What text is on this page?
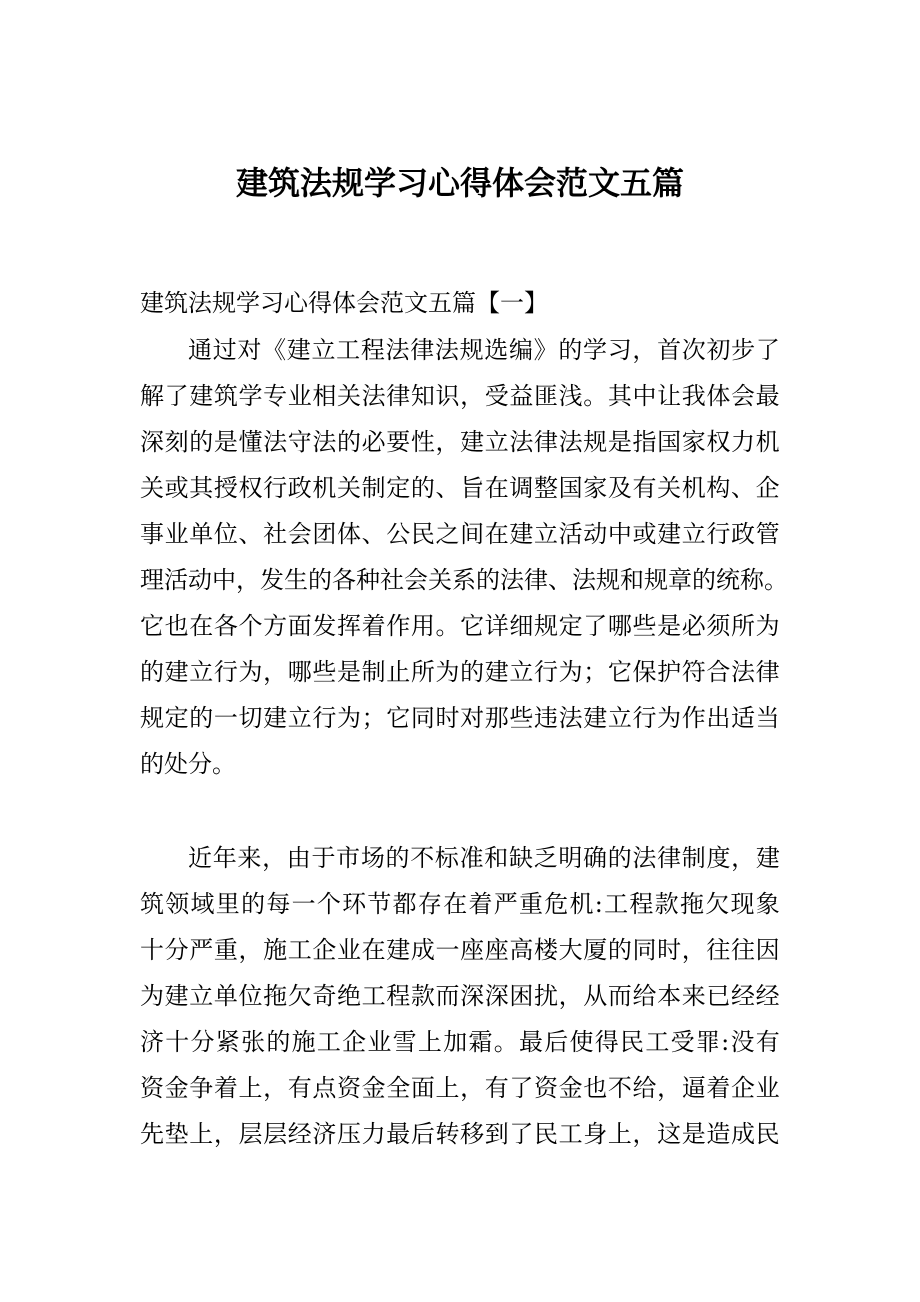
建筑法规学习心得体会范文五篇
建筑法规学习心得体会范文五篇【一】
通 过 对 《 建 立 工 程 法 律 法 规 选 编 》 的 学 习 ， 首 次 初 步 了
解 了 建 筑 学 专 业 相 关 法 律 知 识 ， 受 益 匪 浅 。 其 中 让 我 体 会 最
深 刻 的 是 懂 法 守 法 的 必 要 性 ， 建 立 法 律 法 规 是 指 国 家 权 力 机
关 或 其 授 权 行 政 机 关 制 定 的 、 旨 在 调 整 国 家 及 有 关 机 构 、 企
事 业 单 位 、 社 会 团 体 、 公 民 之 间 在 建 立 活 动 中 或 建 立 行 政 管
理 活 动 中 ， 发 生 的 各 种 社 会 关 系 的 法 律 、 法 规 和 规 章 的 统 称 。
它 也 在 各 个 方 面 发 挥 着 作 用 。 它 详 细 规 定 了 哪 些 是 必 须 所 为
的 建 立 行 为 ， 哪 些 是 制 止 所 为 的 建 立 行 为 ； 它 保 护 符 合 法 律
规 定 的 一 切 建 立 行 为 ； 它 同 时 对 那 些 违 法 建 立 行 为 作 出 适 当
的处分。
近 年 来 ， 由 于 市 场 的 不 标 准 和 缺 乏 明 确 的 法 律 制 度 ， 建
筑 领 域 里 的 每 一 个 环 节 都 存 在 着 严 重 危 机 : 工 程 款 拖 欠 现 象
十 分 严 重 ， 施 工 企 业 在 建 成 一 座 座 高 楼 大 厦 的 同 时 ， 往 往 因
为 建 立 单 位 拖 欠 奇 绝 工 程 款 而 深 深 困 扰 ， 从 而 给 本 来 已 经 经
济 十 分 紧 张 的 施 工 企 业 雪 上 加 霜 。 最 后 使 得 民 工 受 罪 : 没 有
资 金 争 着 上 ， 有 点 资 金 全 面 上 ， 有 了 资 金 也 不 给 ， 逼 着 企 业
先 垫 上 ， 层 层 经 济 压 力 最 后 转 移 到 了 民 工 身 上 ， 这 是 造 成 民
